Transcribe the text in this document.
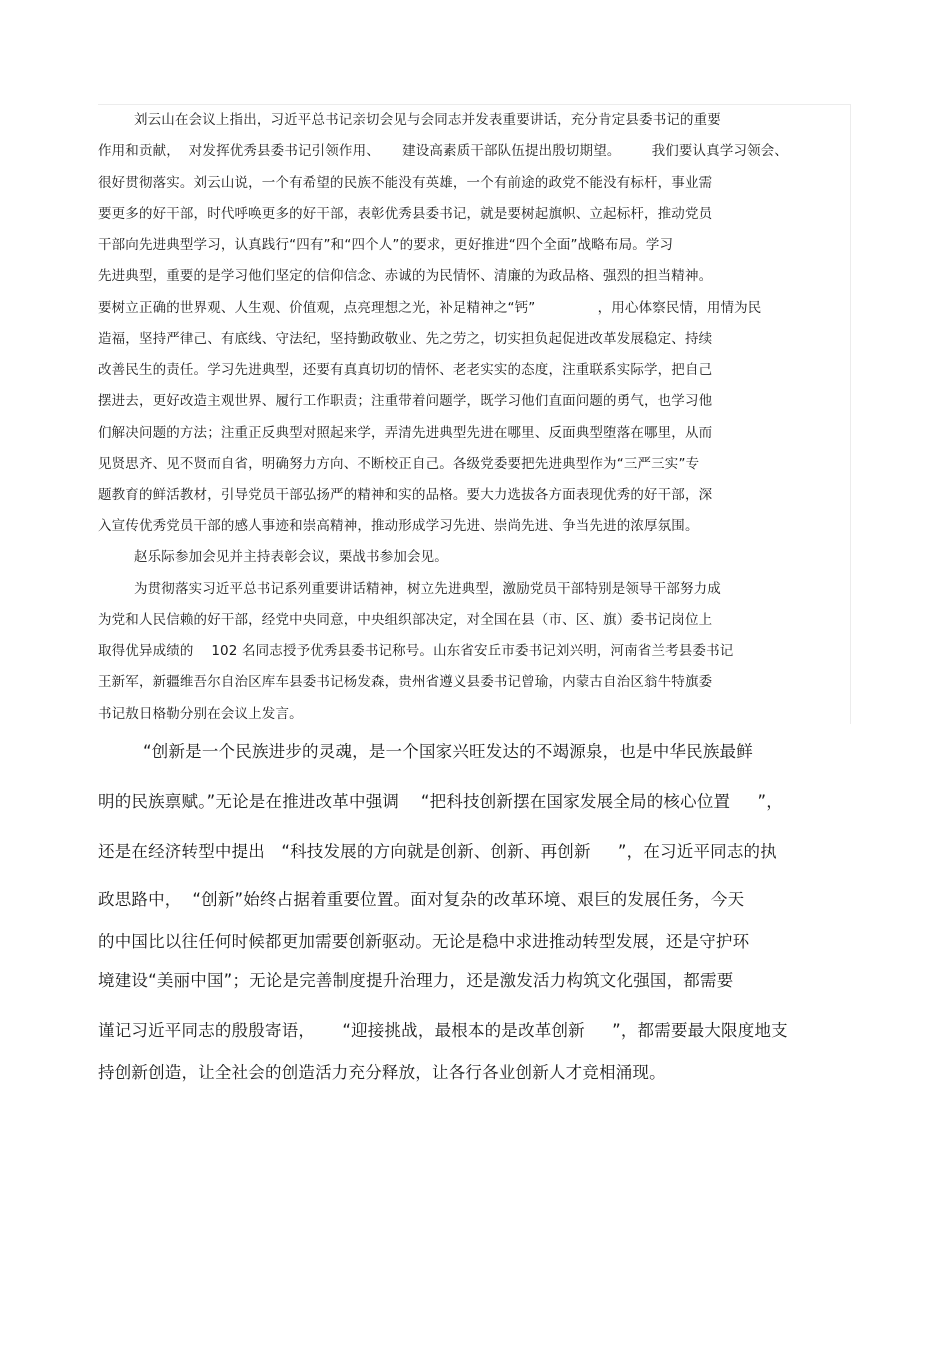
刘云山在会议上指出，习近平总书记亲切会见与会同志并发表重要讲话，充分肯定县委书记的重要

作用和贡献，  对发挥优秀县委书记引领作用、     建设高素质干部队伍提出殷切期望。       我们要认真学习领会、

很好贯彻落实。刘云山说，一个有希望的民族不能没有英雄，一个有前途的政党不能没有标杆，事业需

要更多的好干部，时代呼唤更多的好干部，表彰优秀县委书记，就是要树起旗帜、立起标杆，推动党员

干部向先进典型学习，认真践行“四有”和“四个人”的要求，更好推进“四个全面”战略布局。学习

先进典型，重要的是学习他们坚定的信仰信念、赤诚的为民情怀、清廉的为政品格、强烈的担当精神。

要树立正确的世界观、人生观、价值观，点亮理想之光，补足精神之“钙”              ，用心体察民情，用情为民

造福，坚持严律己、有底线、守法纪，坚持勤政敬业、先之劳之，切实担负起促进改革发展稳定、持续

改善民生的责任。学习先进典型，还要有真真切切的情怀、老老实实的态度，注重联系实际学，把自己

摆进去，更好改造主观世界、履行工作职责；注重带着问题学，既学习他们直面问题的勇气，也学习他

们解决问题的方法；注重正反典型对照起来学，弄清先进典型先进在哪里、反面典型堕落在哪里，从而

见贤思齐、见不贤而自省，明确努力方向、不断校正自己。各级党委要把先进典型作为“三严三实”专

题教育的鲜活教材，引导党员干部弘扬严的精神和实的品格。要大力选拔各方面表现优秀的好干部，深

入宣传优秀党员干部的感人事迹和崇高精神，推动形成学习先进、崇尚先进、争当先进的浓厚氛围。

赵乐际参加会见并主持表彰会议，栗战书参加会见。

为贯彻落实习近平总书记系列重要讲话精神，树立先进典型，激励党员干部特别是领导干部努力成

为党和人民信赖的好干部，经党中央同意，中央组织部决定，对全国在县（市、区、旗）委书记岗位上

取得优异成绩的    102 名同志授予优秀县委书记称号。山东省安丘市委书记刘兴明，河南省兰考县委书记

王新军，新疆维吾尔自治区库车县委书记杨发森，贵州省遵义县委书记曾瑜，内蒙古自治区翁牛特旗委

书记敖日格勒分别在会议上发言。

“创新是一个民族进步的灵魂，是一个国家兴旺发达的不竭源泉，也是中华民族最鲜

明的民族禀赋。”无论是在推进改革中强调    “把科技创新摆在国家发展全局的核心位置     ”，

还是在经济转型中提出   “科技发展的方向就是创新、创新、再创新     ”，在习近平同志的执

政思路中，  “创新”始终占据着重要位置。面对复杂的改革环境、艰巨的发展任务，今天

的中国比以往任何时候都更加需要创新驱动。无论是稳中求进推动转型发展，还是守护环

境建设“美丽中国”；无论是完善制度提升治理力，还是激发活力构筑文化强国，都需要

谨记习近平同志的殷殷寄语，     “迎接挑战，最根本的是改革创新     ”，都需要最大限度地支

持创新创造，让全社会的创造活力充分释放，让各行各业创新人才竞相涌现。
